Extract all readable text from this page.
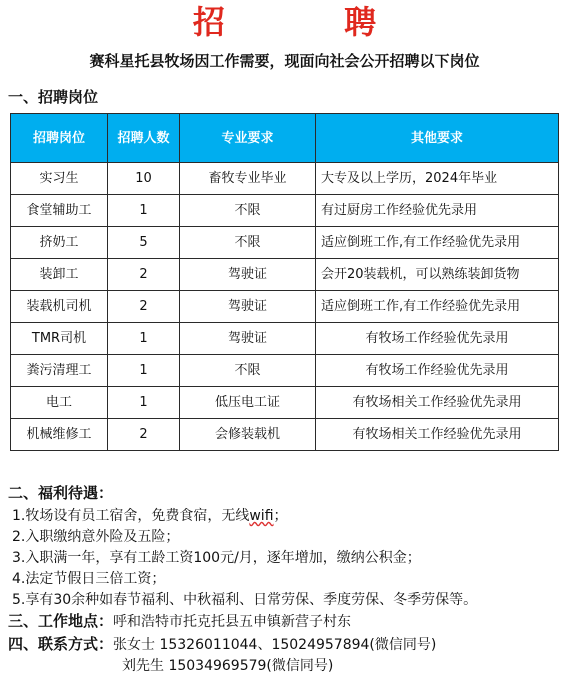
招 聘
赛科星托县牧场因工作需要，现面向社会公开招聘以下岗位
一、招聘岗位
招聘岗位	招聘人数	专业要求	其他要求
实习生	10	畜牧专业毕业	大专及以上学历，2024年毕业
食堂辅助工	1	不限	有过厨房工作经验优先录用
挤奶工	5	不限	适应倒班工作,有工作经验优先录用
装卸工	2	驾驶证	会开20装载机，可以熟练装卸货物
装载机司机	2	驾驶证	适应倒班工作,有工作经验优先录用
TMR司机	1	驾驶证	有牧场工作经验优先录用
粪污清理工	1	不限	有牧场工作经验优先录用
电工	1	低压电工证	有牧场相关工作经验优先录用
机械维修工	2	会修装载机	有牧场相关工作经验优先录用
二、福利待遇：
1.牧场设有员工宿舍，免费食宿，无线wifi；
2.入职缴纳意外险及五险；
3.入职满一年，享有工龄工资100元/月，逐年增加，缴纳公积金；
4.法定节假日三倍工资；
5.享有30余种如春节福利、中秋福利、日常劳保、季度劳保、冬季劳保等。
三、工作地点：呼和浩特市托克托县五申镇新营子村东
四、联系方式：张女士 15326011044、15024957894(微信同号)
刘先生 15034969579(微信同号)
